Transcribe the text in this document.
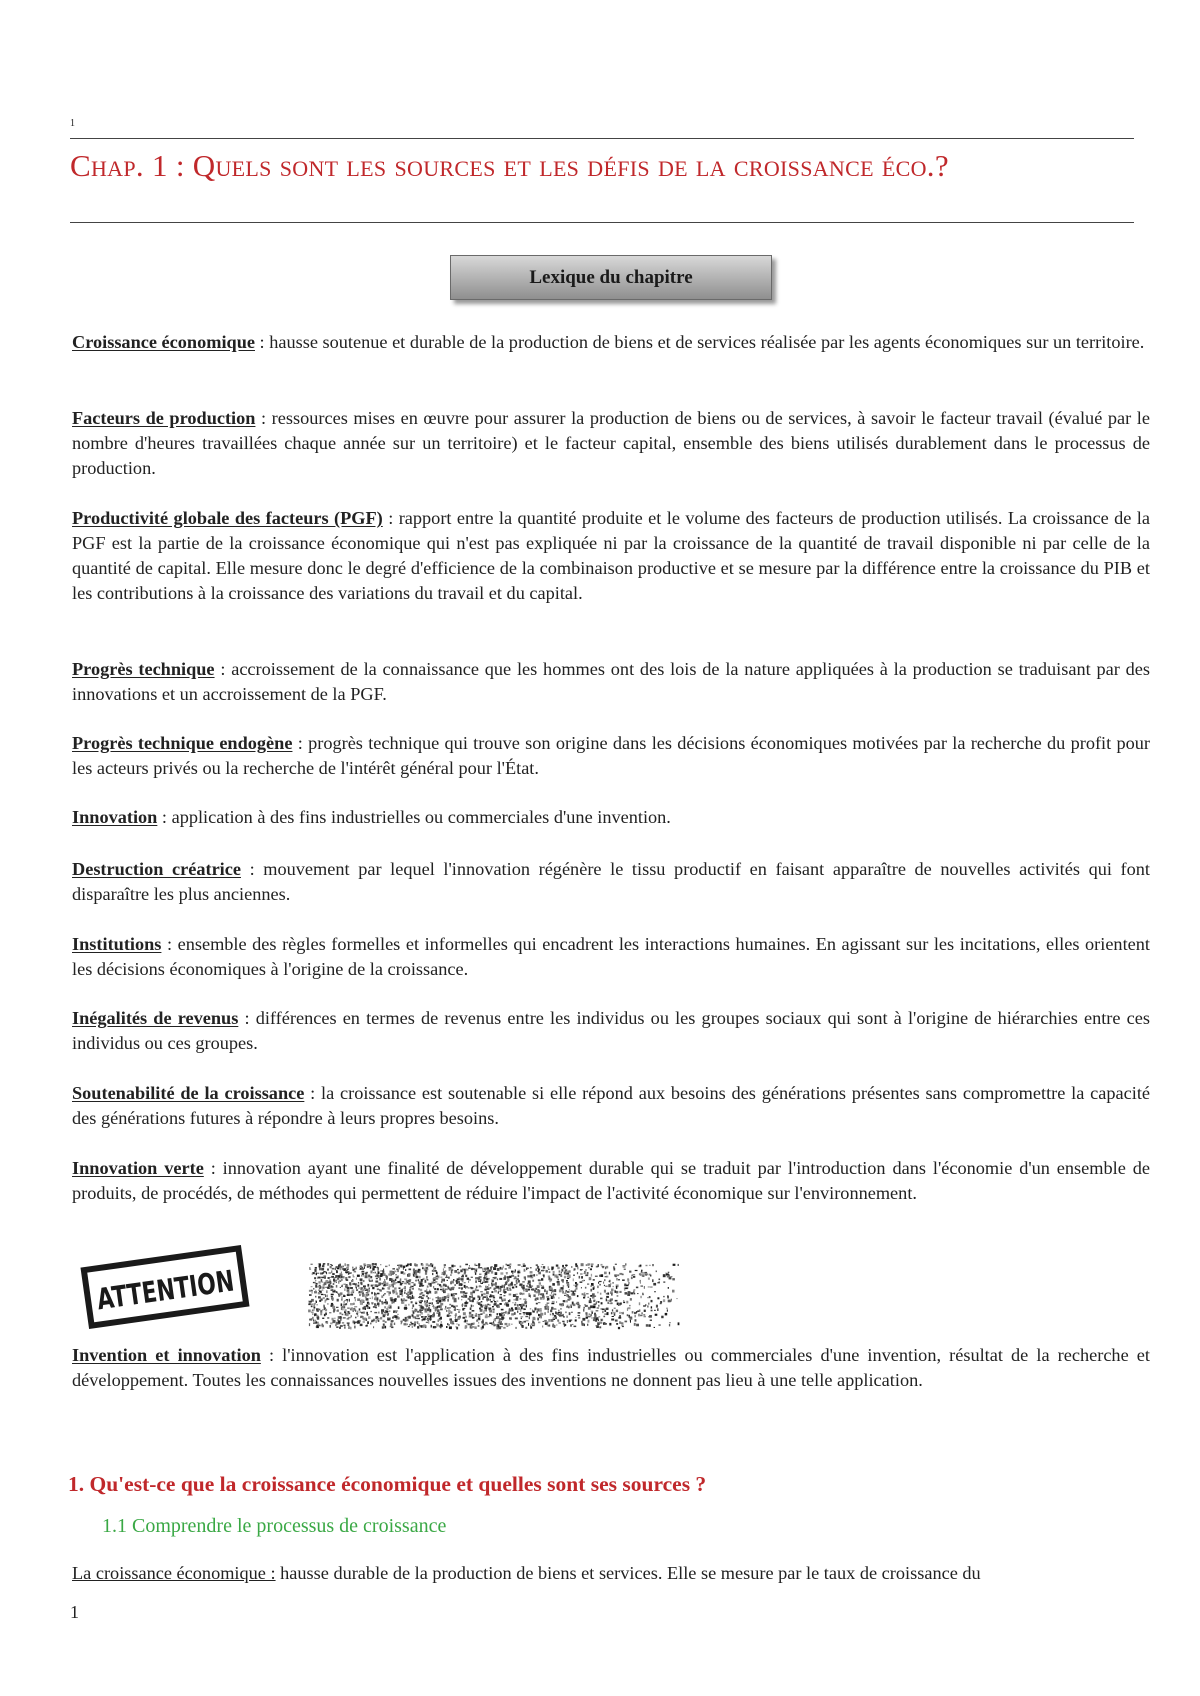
1
Chap. 1 : Quels sont les sources et les défis de la croissance éco.?
Lexique du chapitre
Croissance économique : hausse soutenue et durable de la production de biens et de services réalisée par les agents économiques sur un territoire.
Facteurs de production : ressources mises en œuvre pour assurer la production de biens ou de services, à savoir le facteur travail (évalué par le nombre d'heures travaillées chaque année sur un territoire) et le facteur capital, ensemble des biens utilisés durablement dans le processus de production.
Productivité globale des facteurs (PGF) : rapport entre la quantité produite et le volume des facteurs de production utilisés. La croissance de la PGF est la partie de la croissance économique qui n'est pas expliquée ni par la croissance de la quantité de travail disponible ni par celle de la quantité de capital. Elle mesure donc le degré d'efficience de la combinaison productive et se mesure par la différence entre la croissance du PIB et les contributions à la croissance des variations du travail et du capital.
Progrès technique : accroissement de la connaissance que les hommes ont des lois de la nature appliquées à la production se traduisant par des innovations et un accroissement de la PGF.
Progrès technique endogène : progrès technique qui trouve son origine dans les décisions économiques motivées par la recherche du profit pour les acteurs privés ou la recherche de l'intérêt général pour l'État.
Innovation : application à des fins industrielles ou commerciales d'une invention.
Destruction créatrice : mouvement par lequel l'innovation régénère le tissu productif en faisant apparaître de nouvelles activités qui font disparaître les plus anciennes.
Institutions : ensemble des règles formelles et informelles qui encadrent les interactions humaines. En agissant sur les incitations, elles orientent les décisions économiques à l'origine de la croissance.
Inégalités de revenus : différences en termes de revenus entre les individus ou les groupes sociaux qui sont à l'origine de hiérarchies entre ces individus ou ces groupes.
Soutenabilité de la croissance : la croissance est soutenable si elle répond aux besoins des générations présentes sans compromettre la capacité des générations futures à répondre à leurs propres besoins.
Innovation verte : innovation ayant une finalité de développement durable qui se traduit par l'introduction dans l'économie d'un ensemble de produits, de procédés, de méthodes qui permettent de réduire l'impact de l'activité économique sur l'environnement.
ATTENTION
Invention et innovation : l'innovation est l'application à des fins industrielles ou commerciales d'une invention, résultat de la recherche et développement. Toutes les connaissances nouvelles issues des inventions ne donnent pas lieu à une telle application.
1. Qu'est-ce que la croissance économique et quelles sont ses sources ?
1.1 Comprendre le processus de croissance
La croissance économique : hausse durable de la production de biens et services. Elle se mesure par le taux de croissance du
1
